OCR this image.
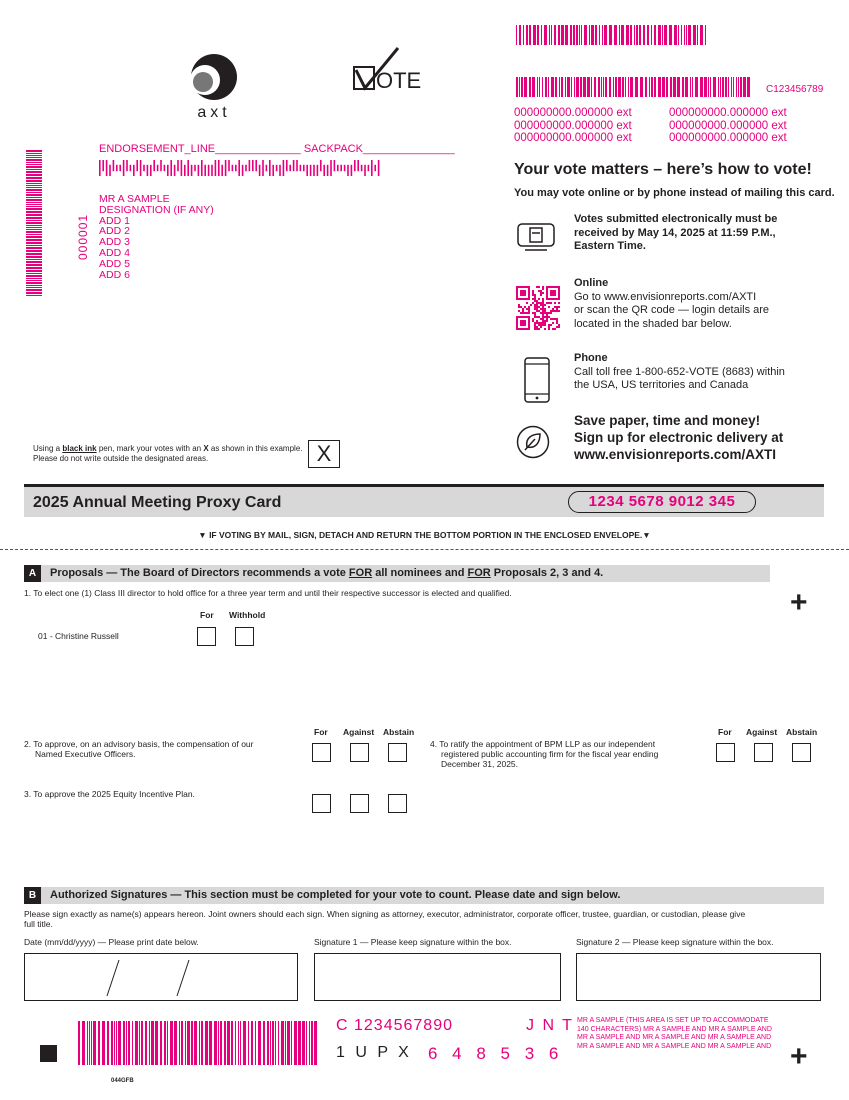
C123456789
axt
OTE
ENDORSEMENT_LINE______________ SACKPACK_______________
000001
MR A SAMPLE
DESIGNATION (IF ANY)
ADD 1
ADD 2
ADD 3
ADD 4
ADD 5
ADD 6
Using a black ink pen, mark your votes with an X as shown in this example.
Please do not write outside the designated areas.	X
000000000.000000 ext	000000000.000000 ext
000000000.000000 ext	000000000.000000 ext
000000000.000000 ext	000000000.000000 ext
Your vote matters – here’s how to vote!
You may vote online or by phone instead of mailing this card.
Votes submitted electronically must be
received by May 14, 2025 at 11:59 P.M.,
Eastern Time.
Online
Go to www.envisionreports.com/AXTI
or scan the QR code — login details are
located in the shaded bar below.
Phone
Call toll free 1-800-652-VOTE (8683) within
the USA, US territories and Canada
Save paper, time and money!
Sign up for electronic delivery at
www.envisionreports.com/AXTI
2025 Annual Meeting Proxy Card	1234 5678 9012 345
▼ IF VOTING BY MAIL, SIGN, DETACH AND RETURN THE BOTTOM PORTION IN THE ENCLOSED ENVELOPE.▼
A	Proposals — The Board of Directors recommends a vote FOR all nominees and FOR Proposals 2, 3 and 4.
1. To elect one (1) Class III director to hold office for a three year term and until their respective successor is elected and qualified.	+
For Withhold
01 - Christine Russell
For Against Abstain
2. To approve, on an advisory basis, the compensation of our
Named Executive Officers.
3. To approve the 2025 Equity Incentive Plan.
4. To ratify the appointment of BPM LLP as our independent
registered public accounting firm for the fiscal year ending
December 31, 2025.
For Against Abstain
B	Authorized Signatures — This section must be completed for your vote to count. Please date and sign below.
Please sign exactly as name(s) appears hereon. Joint owners should each sign. When signing as attorney, executor, administrator, corporate officer, trustee, guardian, or custodian, please give
full title.
Date (mm/dd/yyyy) — Please print date below.	Signature 1 — Please keep signature within the box.	Signature 2 — Please keep signature within the box.
C 1234567890	J N T
1 U P X 6 4 8 5 3 6
MR A SAMPLE (THIS AREA IS SET UP TO ACCOMMODATE 140 CHARACTERS) MR A SAMPLE AND MR A SAMPLE AND MR A SAMPLE AND MR A SAMPLE AND MR A SAMPLE AND MR A SAMPLE AND MR A SAMPLE AND MR A SAMPLE AND +
044GFB
